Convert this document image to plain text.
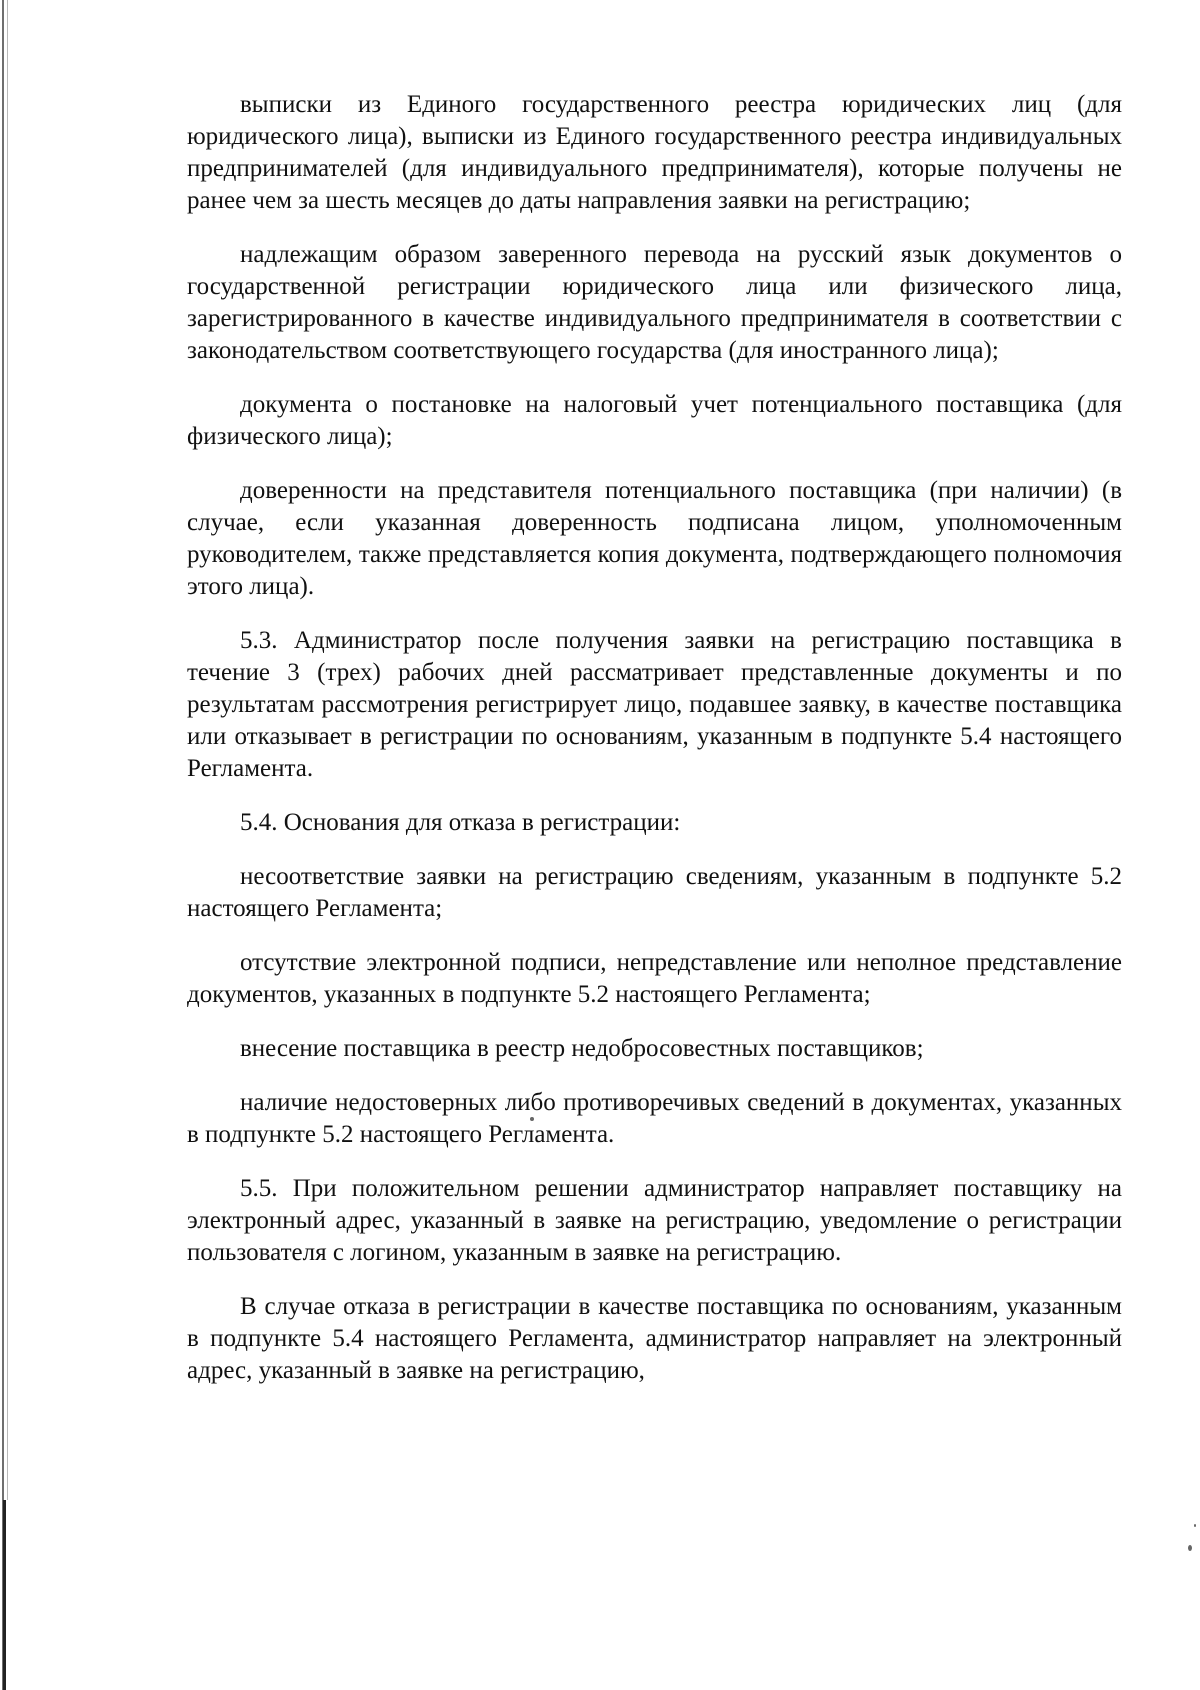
выписки из Единого государственного реестра юридических лиц (для юридического лица), выписки из Единого государственного реестра индивидуальных предпринимателей (для индивидуального предпринимателя), которые получены не ранее чем за шесть месяцев до даты направления заявки на регистрацию;

надлежащим образом заверенного перевода на русский язык документов о государственной регистрации юридического лица или физического лица, зарегистрированного в качестве индивидуального предпринимателя в соответствии с законодательством соответствующего государства (для иностранного лица);

документа о постановке на налоговый учет потенциального поставщика (для физического лица);

доверенности на представителя потенциального поставщика (при наличии) (в случае, если указанная доверенность подписана лицом, уполномоченным руководителем, также представляется копия документа, подтверждающего полномочия этого лица).

5.3. Администратор после получения заявки на регистрацию поставщика в течение 3 (трех) рабочих дней рассматривает представленные документы и по результатам рассмотрения регистрирует лицо, подавшее заявку, в качестве поставщика или отказывает в регистрации по основаниям, указанным в подпункте 5.4 настоящего Регламента.

5.4. Основания для отказа в регистрации:

несоответствие заявки на регистрацию сведениям, указанным в подпункте 5.2 настоящего Регламента;

отсутствие электронной подписи, непредставление или неполное представление документов, указанных в подпункте 5.2 настоящего Регламента;

внесение поставщика в реестр недобросовестных поставщиков;

наличие недостоверных либо противоречивых сведений в документах, указанных в подпункте 5.2 настоящего Регламента.

5.5. При положительном решении администратор направляет поставщику на электронный адрес, указанный в заявке на регистрацию, уведомление о регистрации пользователя с логином, указанным в заявке на регистрацию.

В случае отказа в регистрации в качестве поставщика по основаниям, указанным в подпункте 5.4 настоящего Регламента, администратор направляет на электронный адрес, указанный в заявке на регистрацию,
